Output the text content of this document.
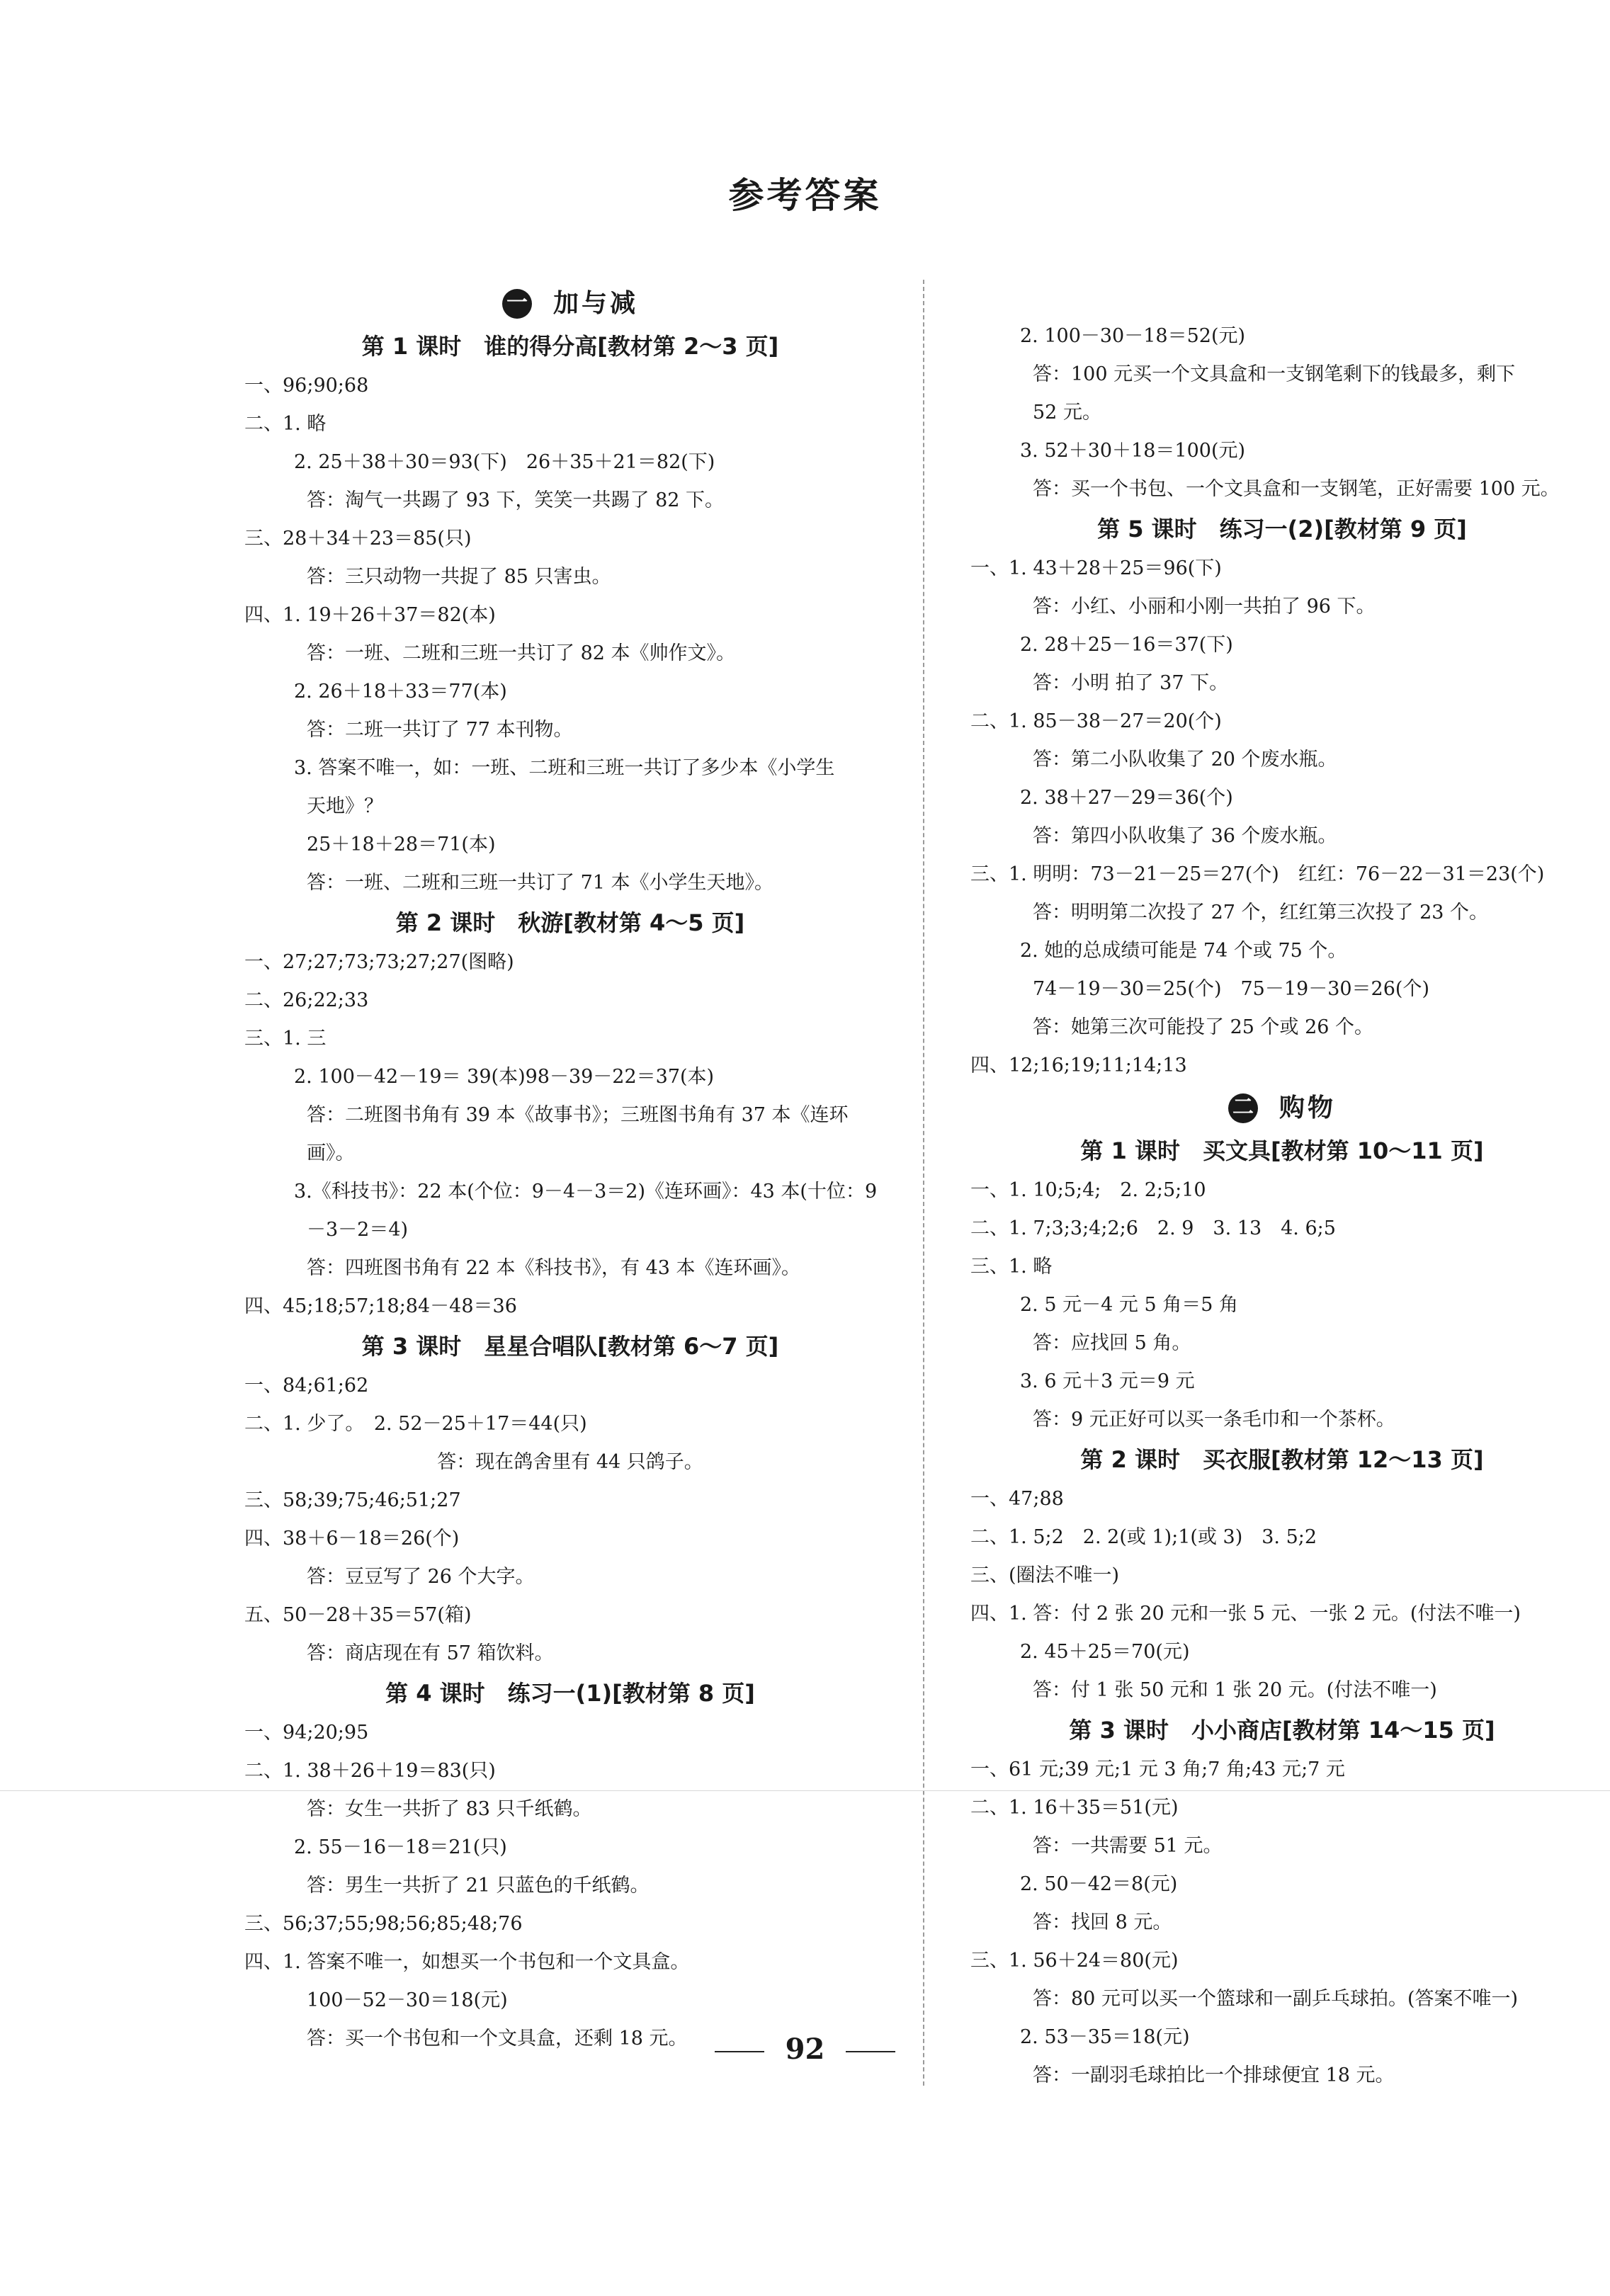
参考答案
一 加与减
第 1 课时　谁的得分高[教材第 2～3 页]
一、96;90;68
二、1. 略
2. 25＋38＋30＝93(下)　26＋35＋21＝82(下)
答：淘气一共踢了 93 下，笑笑一共踢了 82 下。
三、28＋34＋23＝85(只)
答：三只动物一共捉了 85 只害虫。
四、1. 19＋26＋37＝82(本)
答：一班、二班和三班一共订了 82 本《帅作文》。
2. 26＋18＋33＝77(本)
答：二班一共订了 77 本刊物。
3. 答案不唯一，如：一班、二班和三班一共订了多少本《小学生
天地》？
25＋18＋28＝71(本)
答：一班、二班和三班一共订了 71 本《小学生天地》。
第 2 课时　秋游[教材第 4～5 页]
一、27;27;73;73;27;27(图略)
二、26;22;33
三、1. 三
2. 100－42－19＝ 39(本)98－39－22＝37(本)
答：二班图书角有 39 本《故事书》；三班图书角有 37 本《连环
画》。
3.《科技书》：22 本(个位：9－4－3＝2)《连环画》：43 本(十位：9
－3－2＝4)
答：四班图书角有 22 本《科技书》，有 43 本《连环画》。
四、45;18;57;18;84－48＝36
第 3 课时　星星合唱队[教材第 6～7 页]
一、84;61;62
二、1. 少了。　2. 52－25＋17＝44(只)
答：现在鸽舍里有 44 只鸽子。
三、58;39;75;46;51;27
四、38＋6－18＝26(个)
答：豆豆写了 26 个大字。
五、50－28＋35＝57(箱)
答：商店现在有 57 箱饮料。
第 4 课时　练习一(1)[教材第 8 页]
一、94;20;95
二、1. 38＋26＋19＝83(只)
答：女生一共折了 83 只千纸鹤。
2. 55－16－18＝21(只)
答：男生一共折了 21 只蓝色的千纸鹤。
三、56;37;55;98;56;85;48;76
四、1. 答案不唯一，如想买一个书包和一个文具盒。
100－52－30＝18(元)
答：买一个书包和一个文具盒，还剩 18 元。
2. 100－30－18＝52(元)
答：100 元买一个文具盒和一支钢笔剩下的钱最多，剩下
52 元。
3. 52＋30＋18＝100(元)
答：买一个书包、一个文具盒和一支钢笔，正好需要 100 元。
第 5 课时　练习一(2)[教材第 9 页]
一、1. 43＋28＋25＝96(下)
答：小红、小丽和小刚一共拍了 96 下。
2. 28＋25－16＝37(下)
答：小明 拍了 37 下。
二、1. 85－38－27＝20(个)
答：第二小队收集了 20 个废水瓶。
2. 38＋27－29＝36(个)
答：第四小队收集了 36 个废水瓶。
三、1. 明明：73－21－25＝27(个)　红红：76－22－31＝23(个)
答：明明第二次投了 27 个，红红第三次投了 23 个。
2. 她的总成绩可能是 74 个或 75 个。
74－19－30＝25(个)　75－19－30＝26(个)
答：她第三次可能投了 25 个或 26 个。
四、12;16;19;11;14;13
二 购物
第 1 课时　买文具[教材第 10～11 页]
一、1. 10;5;4;　2. 2;5;10
二、1. 7;3;3;4;2;6　2. 9　3. 13　4. 6;5
三、1. 略
2. 5 元－4 元 5 角＝5 角
答：应找回 5 角。
3. 6 元＋3 元＝9 元
答：9 元正好可以买一条毛巾和一个茶杯。
第 2 课时　买衣服[教材第 12～13 页]
一、47;88
二、1. 5;2　2. 2(或 1);1(或 3)　3. 5;2
三、(圈法不唯一)
四、1. 答：付 2 张 20 元和一张 5 元、一张 2 元。(付法不唯一)
2. 45＋25＝70(元)
答：付 1 张 50 元和 1 张 20 元。(付法不唯一)
第 3 课时　小小商店[教材第 14～15 页]
一、61 元;39 元;1 元 3 角;7 角;43 元;7 元
二、1. 16＋35＝51(元)
答：一共需要 51 元。
2. 50－42＝8(元)
答：找回 8 元。
三、1. 56＋24＝80(元)
答：80 元可以买一个篮球和一副乒乓球拍。(答案不唯一)
2. 53－35＝18(元)
答：一副羽毛球拍比一个排球便宜 18 元。
92
